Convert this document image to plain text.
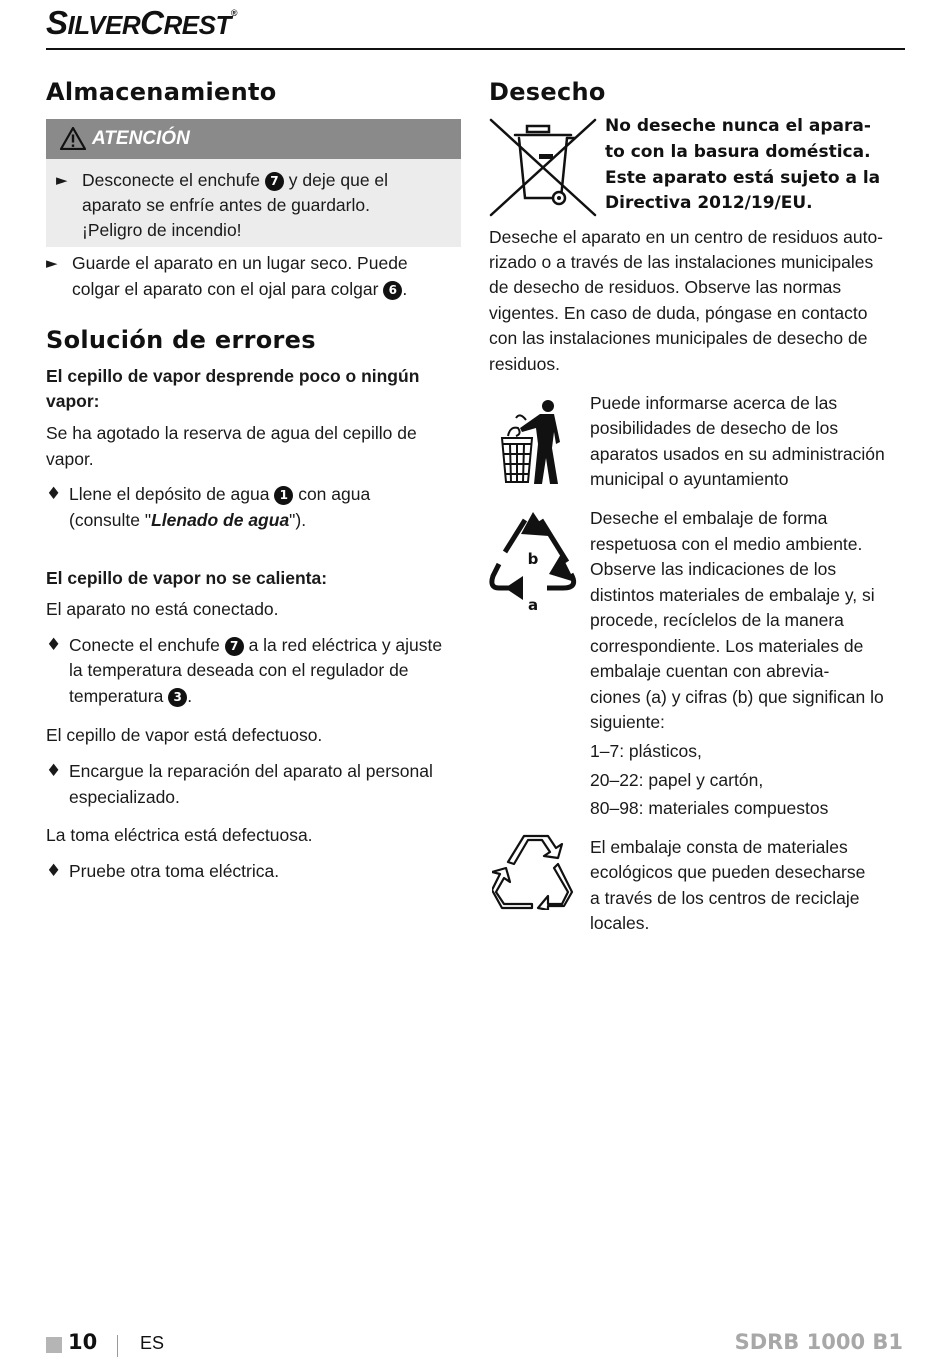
SILVERCREST®
Almacenamiento
ATENCIÓN
► Desconecte el enchufe 7 y deje que el

aparato se enfríe antes de guardarlo.

¡Peligro de incendio!

► Guarde el aparato en un lugar seco. Puede

colgar el aparato con el ojal para colgar 6 .

Solución de errores

El cepillo de vapor desprende poco o ningún

vapor:

Se ha agotado la reserva de agua del cepillo de

vapor.

♦ Llene el depósito de agua 1 con agua

(consulte "Llenado de agua").

El cepillo de vapor no se calienta:

El aparato no está conectado.

♦ Conecte el enchufe 7 a la red eléctrica y ajuste

la temperatura deseada con el regulador de

temperatura 3 .

El cepillo de vapor está defectuoso.

♦ Encargue la reparación del aparato al personal

especializado.

La toma eléctrica está defectuosa.

♦ Pruebe otra toma eléctrica.

Desecho

No deseche nunca el apara-

to con la basura doméstica.

Este aparato está sujeto a la

Directiva 2012/19/EU.

Deseche el aparato en un centro de residuos auto-

rizado o a través de las instalaciones municipales

de desecho de residuos. Observe las normas

vigentes. En caso de duda, póngase en contacto

con las instalaciones municipales de desecho de

residuos.

Puede informarse acerca de las

posibilidades de desecho de los

aparatos usados en su administración

municipal o ayuntamiento

b
a

Deseche el embalaje de forma

respetuosa con el medio ambiente.

Observe las indicaciones de los

distintos materiales de embalaje y, si

procede, recíclelos de la manera

correspondiente. Los materiales de

embalaje cuentan con abrevia-

ciones (a) y cifras (b) que significan lo

siguiente:

1–7: plásticos,

20–22: papel y cartón,

80–98: materiales compuestos

El embalaje consta de materiales

ecológicos que pueden desecharse

a través de los centros de reciclaje

locales.

10 ES	SDRB 1000 B1
